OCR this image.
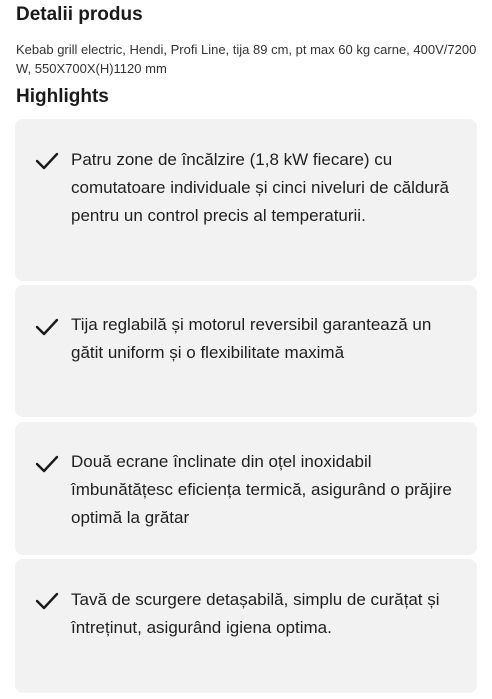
Detalii produs

Kebab grill electric, Hendi, Profi Line, tija 89 cm, pt max 60 kg carne, 400V/7200 W, 550X700X(H)1120 mm

Highlights
Patru zone de încălzire (1,8 kW fiecare) cu comutatoare individuale și cinci niveluri de căldură pentru un control precis al temperaturii.
Tija reglabilă și motorul reversibil garantează un gătit uniform și o flexibilitate maximă
Două ecrane înclinate din oțel inoxidabil îmbunătățesc eficiența termică, asigurând o prăjire optimă la grătar
Tavă de scurgere detașabilă, simplu de curățat și întreținut, asigurând igiena optima.
